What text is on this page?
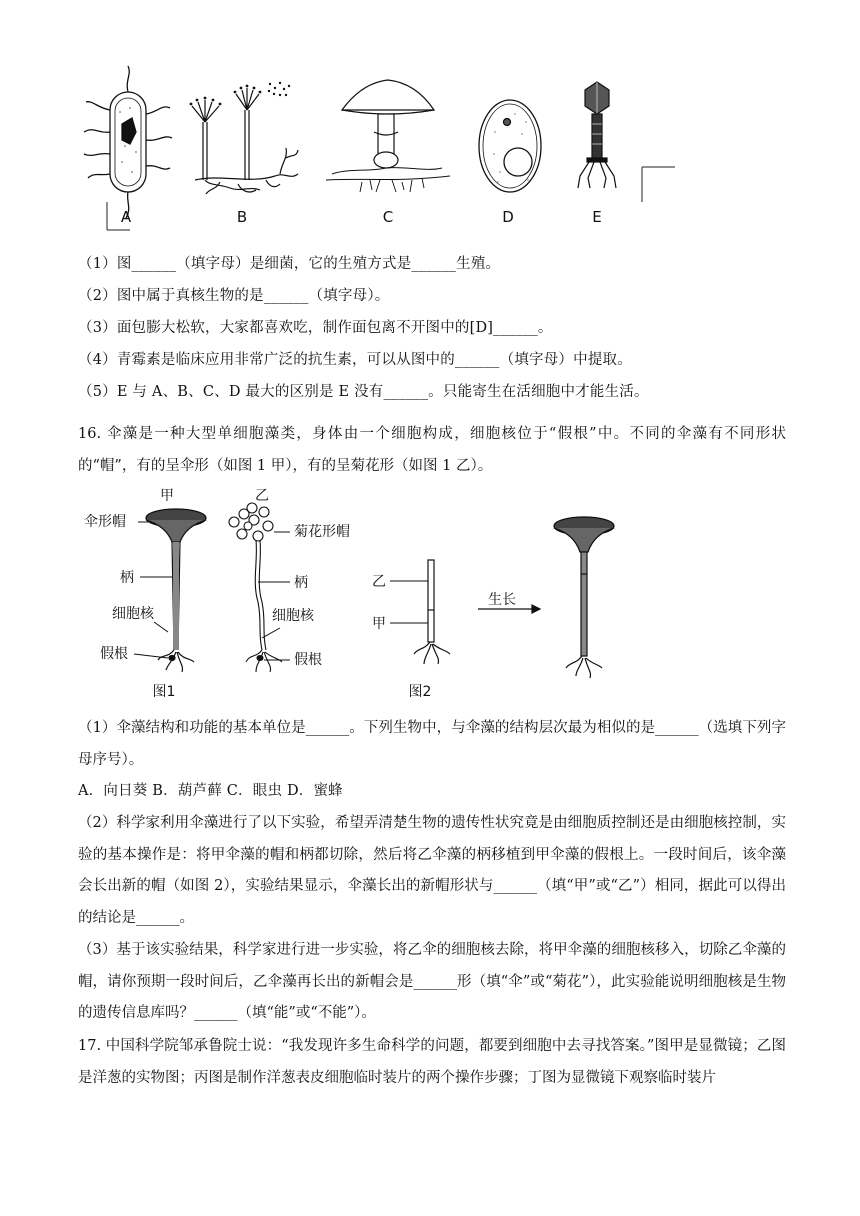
A	B	C	D	E
（1）图______（填字母）是细菌，它的生殖方式是______生殖。
（2）图中属于真核生物的是______（填字母）。
（3）面包膨大松软，大家都喜欢吃，制作面包离不开图中的[D]______。
（4）青霉素是临床应用非常广泛的抗生素，可以从图中的______（填字母）中提取。
（5）E 与 A、B、C、D 最大的区别是 E 没有______。只能寄生在活细胞中才能生活。
16. 伞藻是一种大型单细胞藻类，身体由一个细胞构成，细胞核位于“假根”中。不同的伞藻有不同形状的“帽”，有的呈伞形（如图 1 甲），有的呈菊花形（如图 1 乙）。
甲	乙
伞形帽
菊花形帽
柄	柄
细胞核	细胞核
假根	假根
图1	图2
乙
甲
生长
（1）伞藻结构和功能的基本单位是______。下列生物中，与伞藻的结构层次最为相似的是______（选填下列字母序号）。
A．向日葵 B．葫芦藓 C．眼虫 D．蜜蜂
（2）科学家利用伞藻进行了以下实验，希望弄清楚生物的遗传性状究竟是由细胞质控制还是由细胞核控制，实验的基本操作是：将甲伞藻的帽和柄都切除，然后将乙伞藻的柄移植到甲伞藻的假根上。一段时间后，该伞藻会长出新的帽（如图 2），实验结果显示，伞藻长出的新帽形状与______（填“甲”或“乙”）相同，据此可以得出的结论是______。
（3）基于该实验结果，科学家进行进一步实验，将乙伞的细胞核去除，将甲伞藻的细胞核移入，切除乙伞藻的帽，请你预期一段时间后，乙伞藻再长出的新帽会是______形（填“伞”或“菊花”），此实验能说明细胞核是生物的遗传信息库吗？______（填“能”或“不能”）。
17. 中国科学院邹承鲁院士说：“我发现许多生命科学的问题，都要到细胞中去寻找答案。”图甲是显微镜；乙图是洋葱的实物图；丙图是制作洋葱表皮细胞临时装片的两个操作步骤；丁图为显微镜下观察临时装片
